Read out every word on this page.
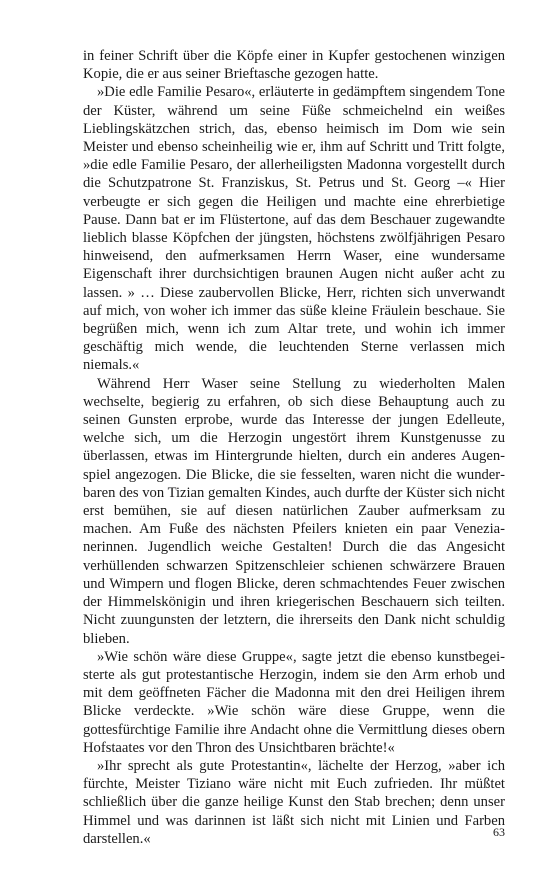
in feiner Schrift über die Köpfe einer in Kupfer gestochenen winzigen Kopie, die er aus seiner Brieftasche gezogen hatte.

»Die edle Familie Pesaro«, erläuterte in gedämpftem singendem Tone der Küster, während um seine Füße schmeichelnd ein weißes Lieblingskätzchen strich, das, ebenso heimisch im Dom wie sein Meister und ebenso scheinheilig wie er, ihm auf Schritt und Tritt folgte, »die edle Familie Pesaro, der allerheiligsten Madonna vorgestellt durch die Schutzpatrone St. Franziskus, St. Petrus und St. Georg –« Hier verbeugte er sich gegen die Heiligen und machte eine ehrerbietige Pause. Dann bat er im Flüstertone, auf das dem Beschauer zugewandte lieblich blasse Köpfchen der jüngsten, höchstens zwölfjährigen Pesaro hinweisend, den aufmerksamen Herrn Waser, eine wundersame Eigenschaft ihrer durchsichtigen braunen Augen nicht außer acht zu lassen. » … Diese zaubervollen Blicke, Herr, richten sich unverwandt auf mich, von woher ich immer das süße kleine Fräulein beschaue. Sie begrüßen mich, wenn ich zum Altar trete, und wohin ich immer geschäftig mich wende, die leuchtenden Sterne verlassen mich niemals.«

Während Herr Waser seine Stellung zu wiederholten Malen wechselte, begierig zu erfahren, ob sich diese Behauptung auch zu seinen Gunsten erprobe, wurde das Interesse der jungen Edelleute, welche sich, um die Herzogin ungestört ihrem Kunstgenusse zu überlassen, etwas im Hintergrunde hielten, durch ein anderes Augenspiel angezogen. Die Blicke, die sie fesselten, waren nicht die wunderbaren des von Tizian gemalten Kindes, auch durfte der Küster sich nicht erst bemühen, sie auf diesen natürlichen Zauber aufmerksam zu machen. Am Fuße des nächsten Pfeilers knieten ein paar Venezianerinnen. Jugendlich weiche Gestalten! Durch die das Angesicht verhüllenden schwarzen Spitzenschleier schienen schwärzere Brauen und Wimpern und flogen Blicke, deren schmachtendes Feuer zwischen der Himmelskönigin und ihren kriegerischen Beschauern sich teilten. Nicht zuungunsten der letztern, die ihrerseits den Dank nicht schuldig blieben.

»Wie schön wäre diese Gruppe«, sagte jetzt die ebenso kunstbegeisterte als gut protestantische Herzogin, indem sie den Arm erhob und mit dem geöffneten Fächer die Madonna mit den drei Heiligen ihrem Blicke verdeckte. »Wie schön wäre diese Gruppe, wenn die gottesfürchtige Familie ihre Andacht ohne die Vermittlung dieses obern Hofstaates vor den Thron des Unsichtbaren brächte!«

»Ihr sprecht als gute Protestantin«, lächelte der Herzog, »aber ich fürchte, Meister Tiziano wäre nicht mit Euch zufrieden. Ihr müßtet schließlich über die ganze heilige Kunst den Stab brechen; denn unser Himmel und was darinnen ist läßt sich nicht mit Linien und Farben darstellen.«	63
